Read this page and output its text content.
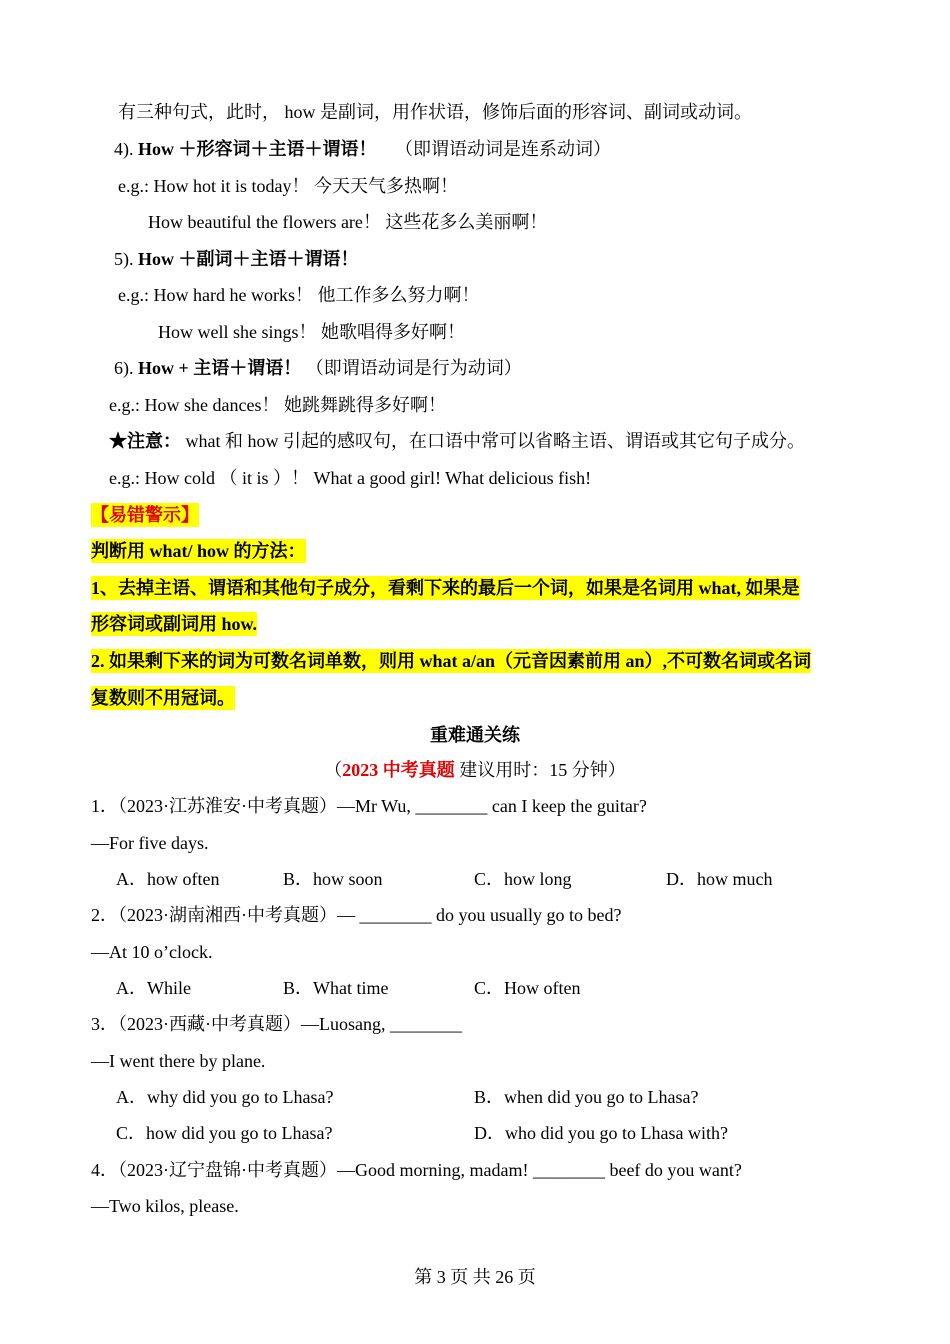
有三种句式，此时， how 是副词，用作状语，修饰后面的形容词、副词或动词。
4). How ＋形容词＋主语＋谓语！ （即谓语动词是连系动词）
e.g.: How hot it is today！ 今天天气多热啊！
How beautiful the flowers are！ 这些花多么美丽啊！
5). How ＋副词＋主语＋谓语！
e.g.: How hard he works！ 他工作多么努力啊！
How well she sings！ 她歌唱得多好啊！
6). How + 主语＋谓语！ （即谓语动词是行为动词）
e.g.: How she dances！ 她跳舞跳得多好啊！
★注意： what 和 how 引起的感叹句，在口语中常可以省略主语、谓语或其它句子成分。
e.g.: How cold （ it is ）！ What a good girl! What delicious fish!
【易错警示】
判断用 what/ how 的方法：
1、去掉主语、谓语和其他句子成分，看剩下来的最后一个词，如果是名词用 what, 如果是
形容词或副词用 how.
2. 如果剩下来的词为可数名词单数，则用 what a/an（元音因素前用 an）,不可数名词或名词
复数则不用冠词。
重难通关练
（2023 中考真题 建议用时：15 分钟）
1．（2023·江苏淮安·中考真题）—Mr Wu, ________ can I keep the guitar?
—For five days.
A．how often	B．how soon	C．how long	D．how much
2．（2023·湖南湘西·中考真题）— ________ do you usually go to bed?
—At 10 o’clock.
A．While	B．What time	C．How often
3．（2023·西藏·中考真题）—Luosang, ________
—I went there by plane.
A．why did you go to Lhasa?	B．when did you go to Lhasa?
C．how did you go to Lhasa?	D．who did you go to Lhasa with?
4．（2023·辽宁盘锦·中考真题）—Good morning, madam! ________ beef do you want?
—Two kilos, please.
第 3 页 共 26 页
